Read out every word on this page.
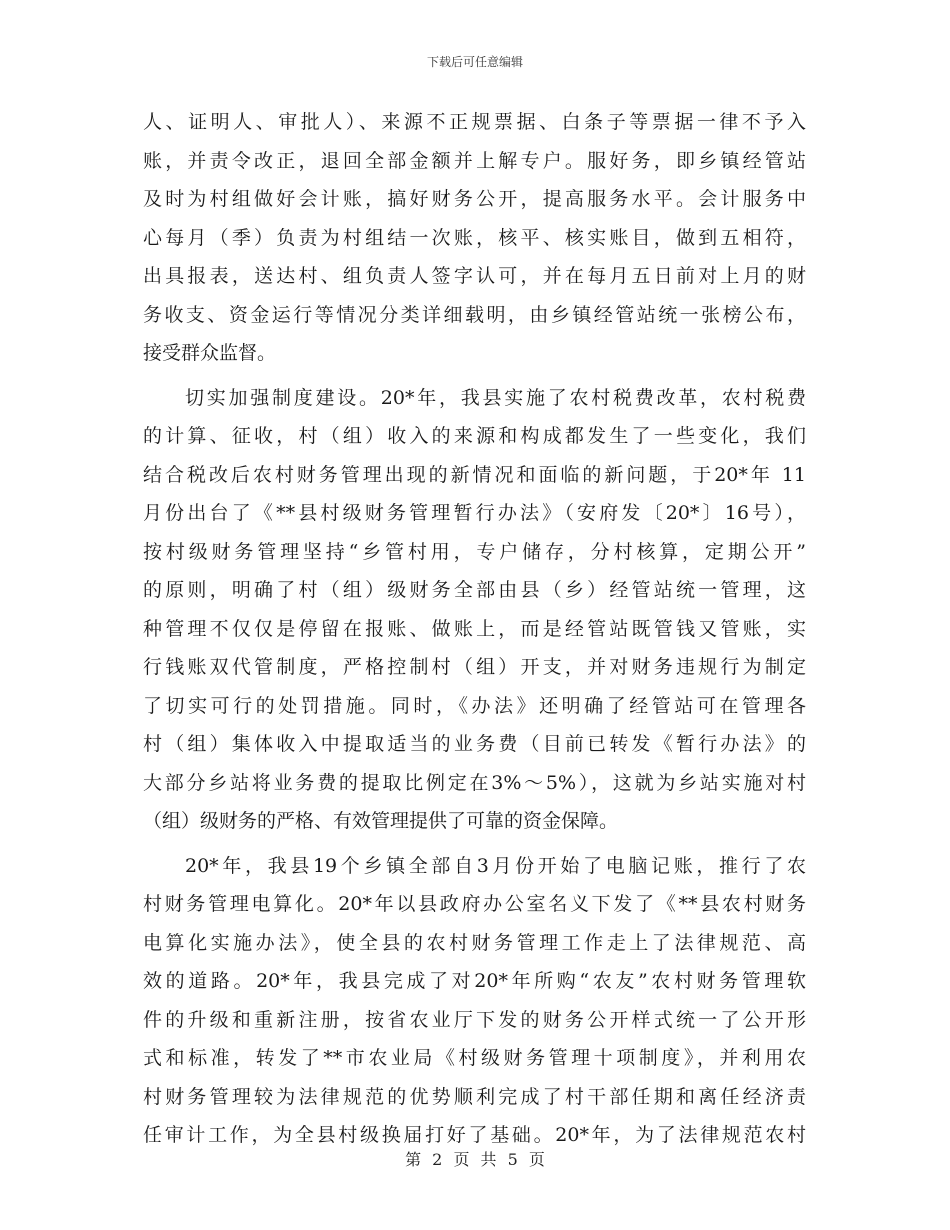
下载后可任意编辑
人、证明人、审批人）、来源不正规票据、白条子等票据一律不予入
账，并责令改正，退回全部金额并上解专户。服好务，即乡镇经管站
及时为村组做好会计账，搞好财务公开，提高服务水平。会计服务中
心每月（季）负责为村组结一次账，核平、核实账目，做到五相符，
出具报表，送达村、组负责人签字认可，并在每月五日前对上月的财
务收支、资金运行等情况分类详细载明，由乡镇经管站统一张榜公布，
接受群众监督。
切实加强制度建设。20*年，我县实施了农村税费改革，农村税费
的计算、征收，村（组）收入的来源和构成都发生了一些变化，我们
结合税改后农村财务管理出现的新情况和面临的新问题，于20*年 11
月份出台了《**县村级财务管理暂行办法》（安府发〔20*〕16号），
按村级财务管理坚持“乡管村用，专户储存，分村核算，定期公开”
的原则，明确了村（组）级财务全部由县（乡）经管站统一管理，这
种管理不仅仅是停留在报账、做账上，而是经管站既管钱又管账，实
行钱账双代管制度，严格控制村（组）开支，并对财务违规行为制定
了切实可行的处罚措施。同时，《办法》还明确了经管站可在管理各
村（组）集体收入中提取适当的业务费（目前已转发《暂行办法》的
大部分乡站将业务费的提取比例定在3%～5%），这就为乡站实施对村
（组）级财务的严格、有效管理提供了可靠的资金保障。
20*年，我县19个乡镇全部自3月份开始了电脑记账，推行了农
村财务管理电算化。20*年以县政府办公室名义下发了《**县农村财务
电算化实施办法》，使全县的农村财务管理工作走上了法律规范、高
效的道路。20*年，我县完成了对20*年所购“农友”农村财务管理软
件的升级和重新注册，按省农业厅下发的财务公开样式统一了公开形
式和标准，转发了**市农业局《村级财务管理十项制度》，并利用农
村财务管理较为法律规范的优势顺利完成了村干部任期和离任经济责
任审计工作，为全县村级换届打好了基础。20*年，为了法律规范农村
第 2 页 共 5 页
